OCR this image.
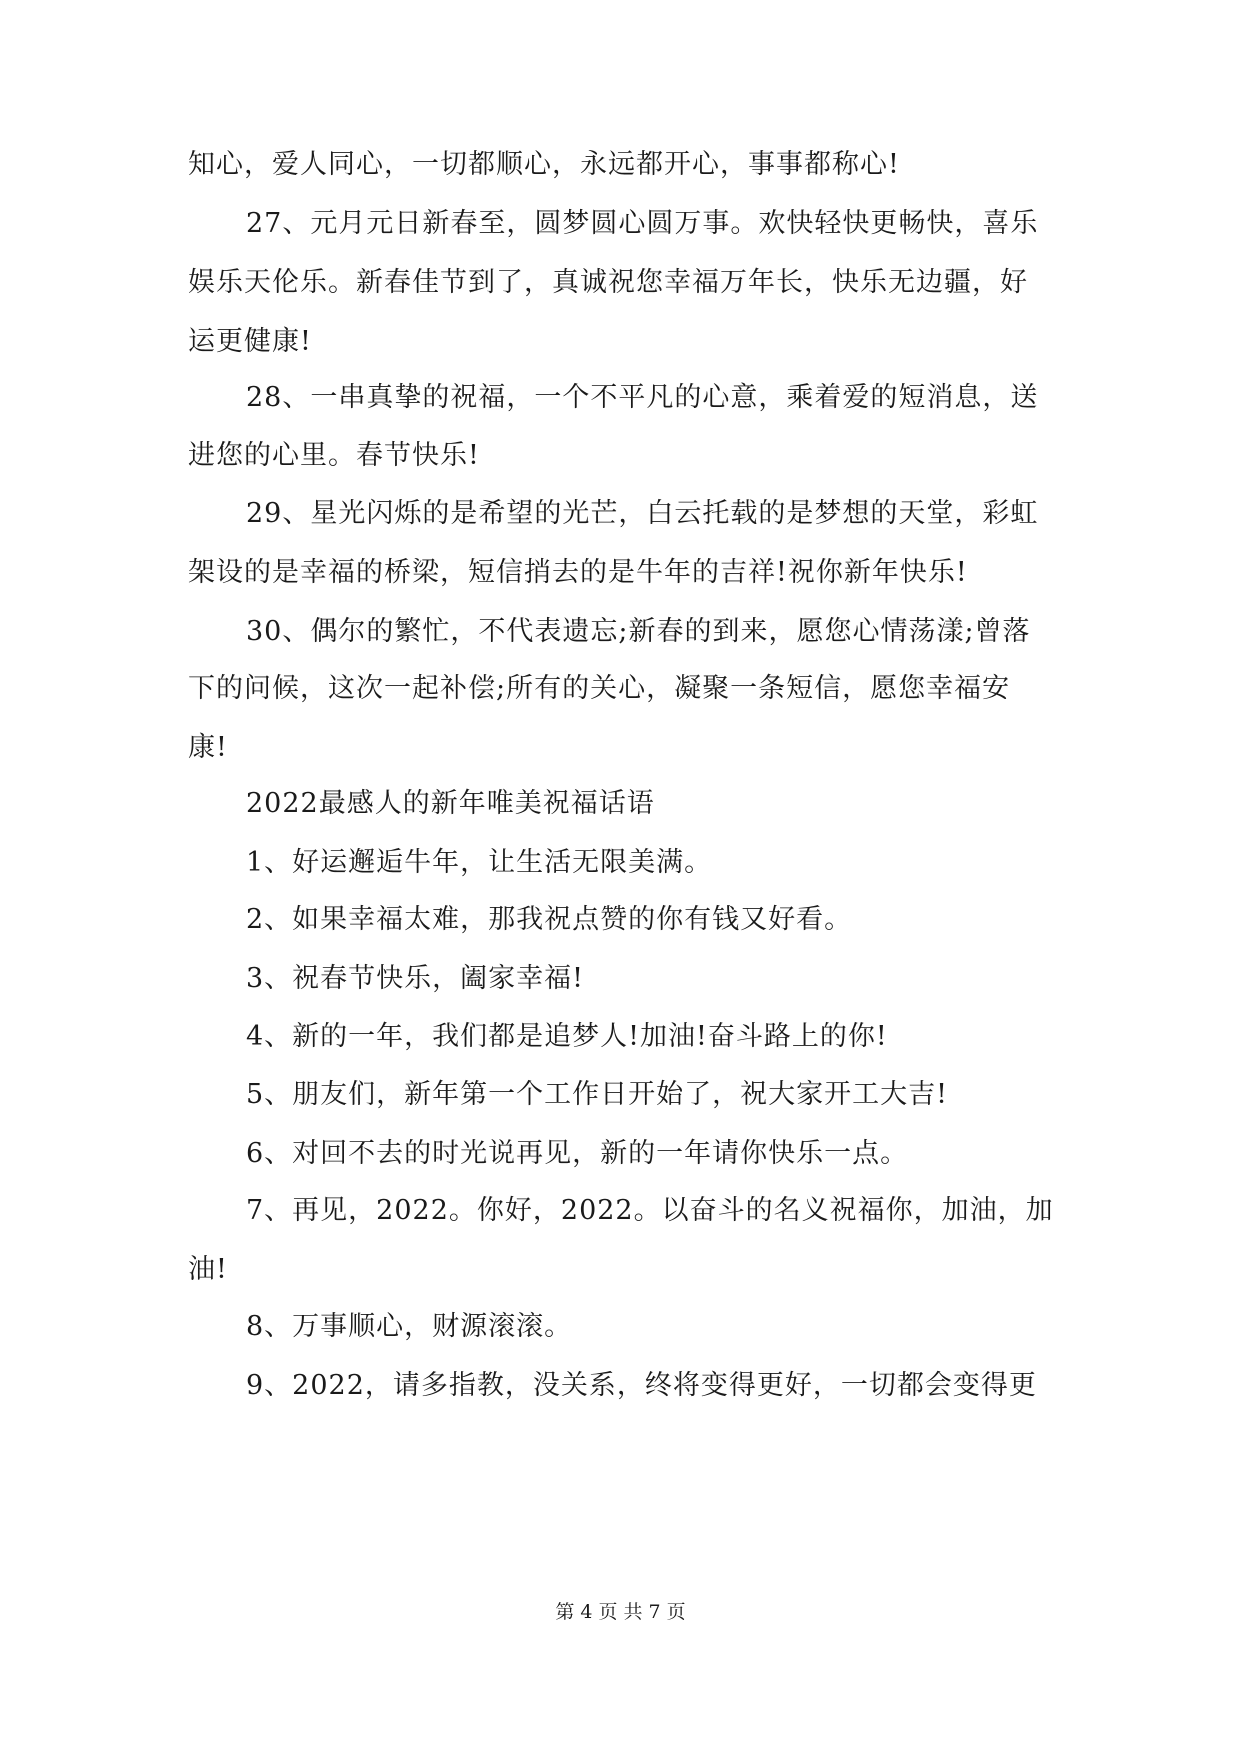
知心，爱人同心，一切都顺心，永远都开心，事事都称心!
27、元月元日新春至，圆梦圆心圆万事。欢快轻快更畅快，喜乐
娱乐天伦乐。新春佳节到了，真诚祝您幸福万年长，快乐无边疆，好
运更健康!
28、一串真挚的祝福，一个不平凡的心意，乘着爱的短消息，送
进您的心里。春节快乐!
29、星光闪烁的是希望的光芒，白云托载的是梦想的天堂，彩虹
架设的是幸福的桥梁，短信捎去的是牛年的吉祥!祝你新年快乐!
30、偶尔的繁忙，不代表遗忘;新春的到来，愿您心情荡漾;曾落
下的问候，这次一起补偿;所有的关心，凝聚一条短信，愿您幸福安
康!
2022最感人的新年唯美祝福话语
1、好运邂逅牛年，让生活无限美满。
2、如果幸福太难，那我祝点赞的你有钱又好看。
3、祝春节快乐，阖家幸福!
4、新的一年，我们都是追梦人!加油!奋斗路上的你!
5、朋友们，新年第一个工作日开始了，祝大家开工大吉!
6、对回不去的时光说再见，新的一年请你快乐一点。
7、再见，2022。你好，2022。以奋斗的名义祝福你，加油，加
油!
8、万事顺心，财源滚滚。
9、2022，请多指教，没关系，终将变得更好，一切都会变得更
第 4 页 共 7 页
